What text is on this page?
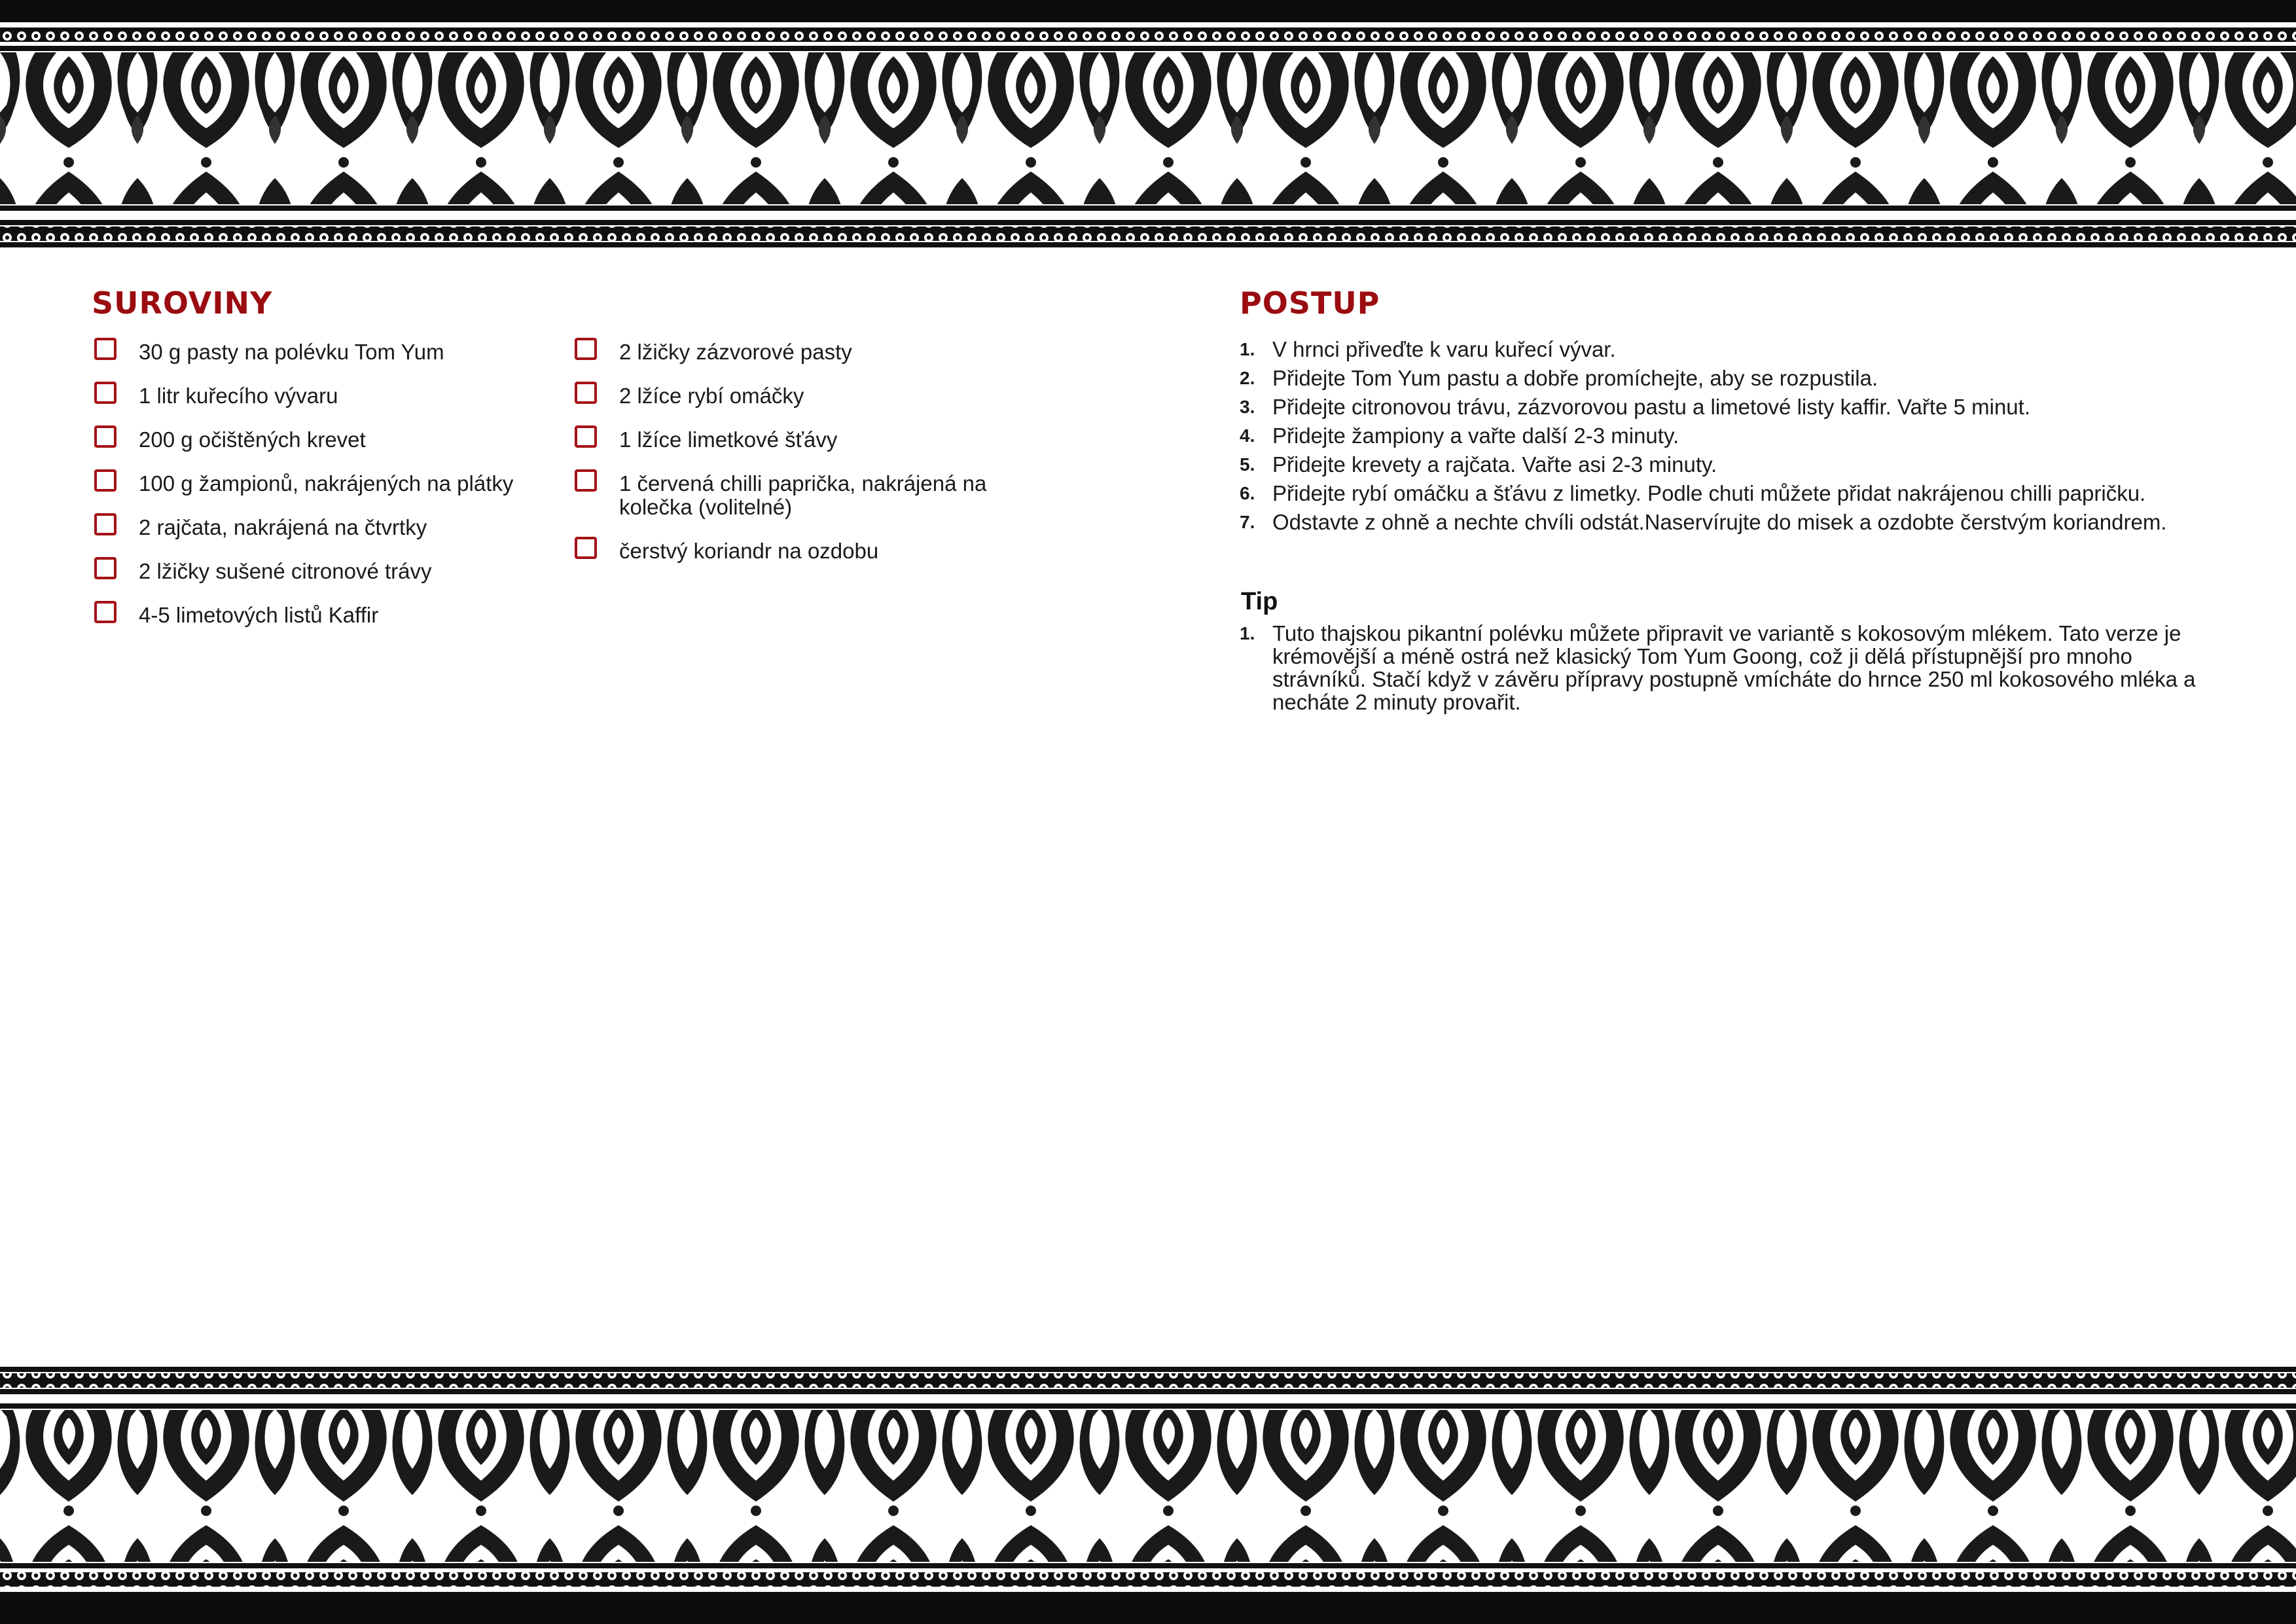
SUROVINY
30 g pasty na polévku Tom Yum
1 litr kuřecího vývaru
200 g očištěných krevet
100 g žampionů, nakrájených na plátky
2 rajčata, nakrájená na čtvrtky
2 lžičky sušené citronové trávy
4-5 limetových listů Kaffir
2 lžičky zázvorové pasty
2 lžíce rybí omáčky
1 lžíce limetkové šťávy
1 červená chilli paprička, nakrájená na kolečka (volitelné)
čerstvý koriandr na ozdobu
POSTUP
1. V hrnci přiveďte k varu kuřecí vývar.
2. Přidejte Tom Yum pastu a dobře promíchejte, aby se rozpustila.
3. Přidejte citronovou trávu, zázvorovou pastu a limetové listy kaffir. Vařte 5 minut.
4. Přidejte žampiony a vařte další 2-3 minuty.
5. Přidejte krevety a rajčata. Vařte asi 2-3 minuty.
6. Přidejte rybí omáčku a šťávu z limetky. Podle chuti můžete přidat nakrájenou chilli papričku.
7. Odstavte z ohně a nechte chvíli odstát.Naservírujte do misek a ozdobte čerstvým koriandrem.
Tip
1. Tuto thajskou pikantní polévku můžete připravit ve variantě s kokosovým mlékem. Tato verze je krémovější a méně ostrá než klasický Tom Yum Goong, což ji dělá přístupnější pro mnoho strávníků. Stačí když v závěru přípravy postupně vmícháte do hrnce 250 ml kokosového mléka a necháte 2 minuty provařit.
